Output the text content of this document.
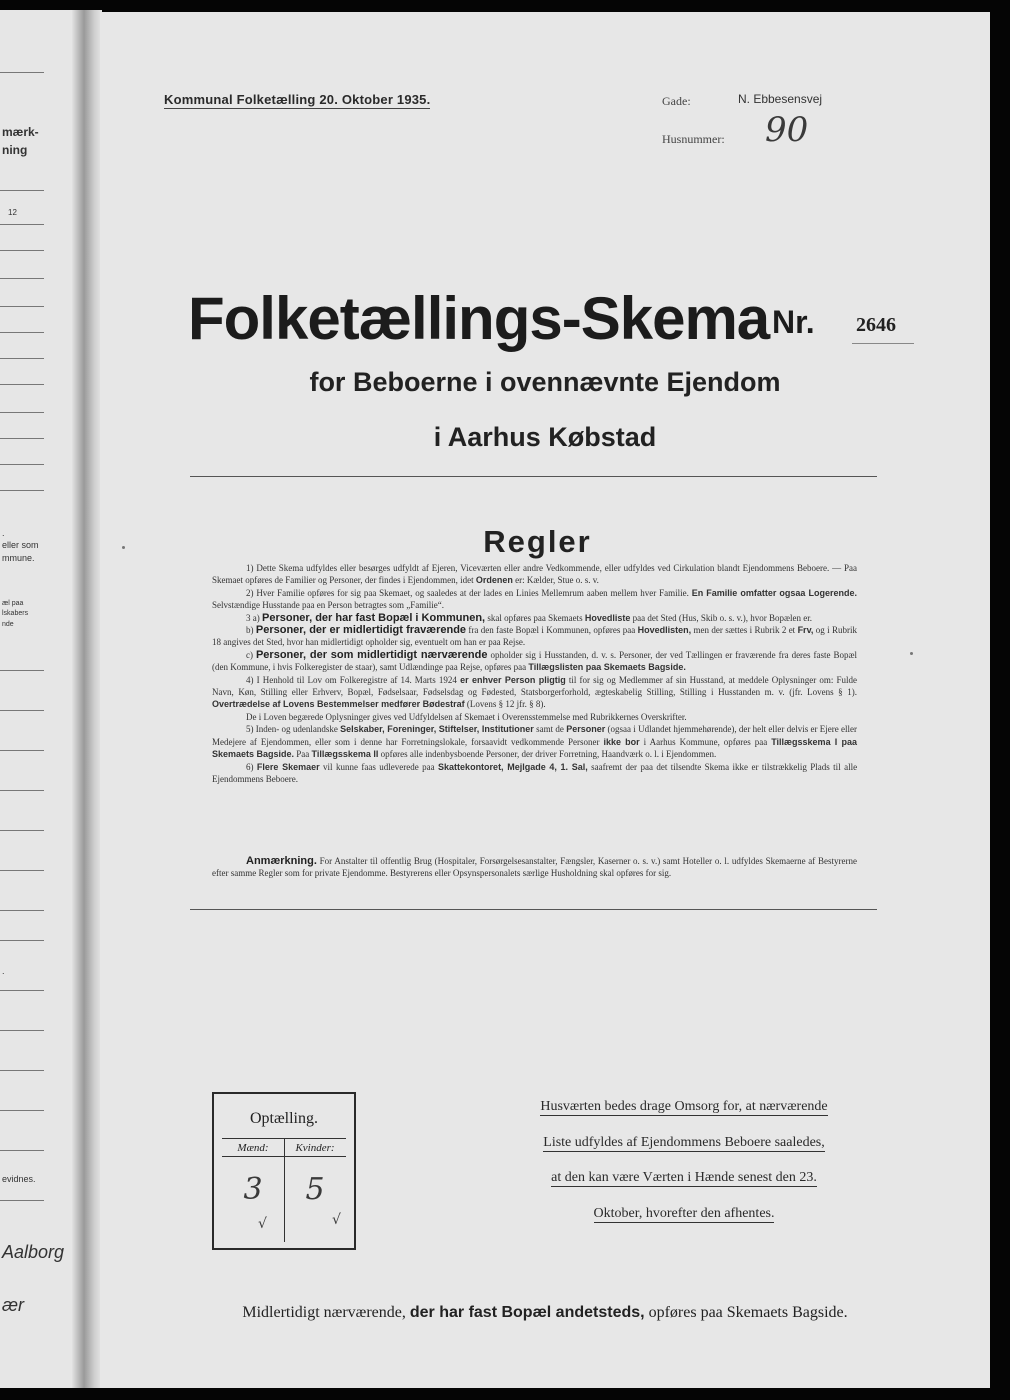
mærk-
ning
12
.
eller som
mmune.
æl paa
lskabers
nde
.
evidnes.
Aalborg
ær
Kommunal Folketælling 20. Oktober 1935.	Gade:	N. Ebbesensvej
Husnummer: 90
Folketællings-Skema Nr. 2646
for Beboerne i ovennævnte Ejendom
i Aarhus Købstad
Regler

1) Dette Skema udfyldes eller besørges udfyldt af Ejeren, Viceværten eller andre Vedkommende, eller udfyldes ved Cirkulation blandt Ejendommens Beboere. — Paa Skemaet opføres de Familier og Personer, der findes i Ejendommen, idet Ordenen er: Kælder, Stue o. s. v.

2) Hver Familie opføres for sig paa Skemaet, og saaledes at der lades en Linies Mellemrum aaben mellem hver Familie. En Familie omfatter ogsaa Logerende. Selvstændige Husstande paa en Person betragtes som „Familie“.

3 a) Personer, der har fast Bopæl i Kommunen, skal opføres paa Skemaets Hovedliste paa det Sted (Hus, Skib o. s. v.), hvor Bopælen er.

b) Personer, der er midlertidigt fraværende fra den faste Bopæl i Kommunen, opføres paa Hovedlisten, men der sættes i Rubrik 2 et Frv, og i Rubrik 18 angives det Sted, hvor han midlertidigt opholder sig, eventuelt om han er paa Rejse.

c) Personer, der som midlertidigt nærværende opholder sig i Husstanden, d. v. s. Personer, der ved Tællingen er fraværende fra deres faste Bopæl (den Kommune, i hvis Folkeregister de staar), samt Udlændinge paa Rejse, opføres paa Tillægslisten paa Skemaets Bagside.

4) I Henhold til Lov om Folkeregistre af 14. Marts 1924 er enhver Person pligtig til for sig og Medlemmer af sin Husstand, at meddele Oplysninger om: Fulde Navn, Køn, Stilling eller Erhverv, Bopæl, Fødselsaar, Fødselsdag og Fødested, Statsborgerforhold, ægteskabelig Stilling, Stilling i Husstanden m. v. (jfr. Lovens § 1). Overtrædelse af Lovens Bestemmelser medfører Bødestraf (Lovens § 12 jfr. § 8).

De i Loven begærede Oplysninger gives ved Udfyldelsen af Skemaet i Overensstemmelse med Rubrikkernes Overskrifter.

5) Inden- og udenlandske Selskaber, Foreninger, Stiftelser, Institutioner samt de Personer (ogsaa i Udlandet hjemmehørende), der helt eller delvis er Ejere eller Medejere af Ejendommen, eller som i denne har Forretningslokale, forsaavidt vedkommende Personer ikke bor i Aarhus Kommune, opføres paa Tillægsskema I paa Skemaets Bagside. Paa Tillægsskema II opføres alle indenbysboende Personer, der driver Forretning, Haandværk o. l. i Ejendommen.

6) Flere Skemaer vil kunne faas udleverede paa Skattekontoret, Mejlgade 4, 1. Sal, saafremt der paa det tilsendte Skema ikke er tilstrækkelig Plads til alle Ejendommens Beboere.

Anmærkning. For Anstalter til offentlig Brug (Hospitaler, Forsørgelsesanstalter, Fængsler, Kaserner o. s. v.) samt Hoteller o. l. udfyldes Skemaerne af Bestyrerne efter samme Regler som for private Ejendomme. Bestyrerens eller Opsynspersonalets særlige Husholdning skal opføres for sig.

Optælling.
Mænd:	Kvinder:
3	5
√	√
Husværten bedes drage Omsorg for, at nærværende
Liste udfyldes af Ejendommens Beboere saaledes,
at den kan være Værten i Hænde senest den 23.
Oktober, hvorefter den afhentes.
Midlertidigt nærværende, der har fast Bopæl andetsteds, opføres paa Skemaets Bagside.
